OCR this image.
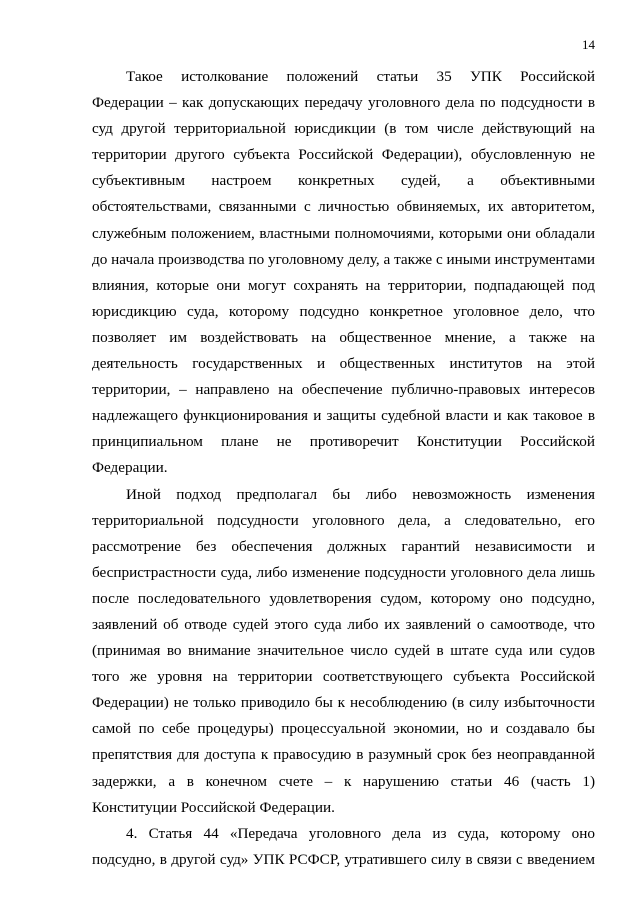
14
Такое истолкование положений статьи 35 УПК Российской
Федерации – как допускающих передачу уголовного дела по подсудности в
суд другой территориальной юрисдикции (в том числе действующий на
территории другого субъекта Российской Федерации), обусловленную не
субъективным настроем конкретных судей, а объективными
обстоятельствами, связанными с личностью обвиняемых, их авторитетом,
служебным положением, властными полномочиями, которыми они обладали
до начала производства по уголовному делу, а также с иными инструментами
влияния, которые они могут сохранять на территории, подпадающей под
юрисдикцию суда, которому подсудно конкретное уголовное дело, что
позволяет им воздействовать на общественное мнение, а также на
деятельность государственных и общественных институтов на этой
территории, – направлено на обеспечение публично-правовых интересов
надлежащего функционирования и защиты судебной власти и как таковое в
принципиальном плане не противоречит Конституции Российской
Федерации.
Иной подход предполагал бы либо невозможность изменения
территориальной подсудности уголовного дела, а следовательно, его
рассмотрение без обеспечения должных гарантий независимости и
беспристрастности суда, либо изменение подсудности уголовного дела лишь
после последовательного удовлетворения судом, которому оно подсудно,
заявлений об отводе судей этого суда либо их заявлений о самоотводе, что
(принимая во внимание значительное число судей в штате суда или судов
того же уровня на территории соответствующего субъекта Российской
Федерации) не только приводило бы к несоблюдению (в силу избыточности
самой по себе процедуры) процессуальной экономии, но и создавало бы
препятствия для доступа к правосудию в разумный срок без неоправданной
задержки, а в конечном счете – к нарушению статьи 46 (часть 1)
Конституции Российской Федерации.
4. Статья 44 «Передача уголовного дела из суда, которому оно
подсудно, в другой суд» УПК РСФСР, утратившего силу в связи с введением
